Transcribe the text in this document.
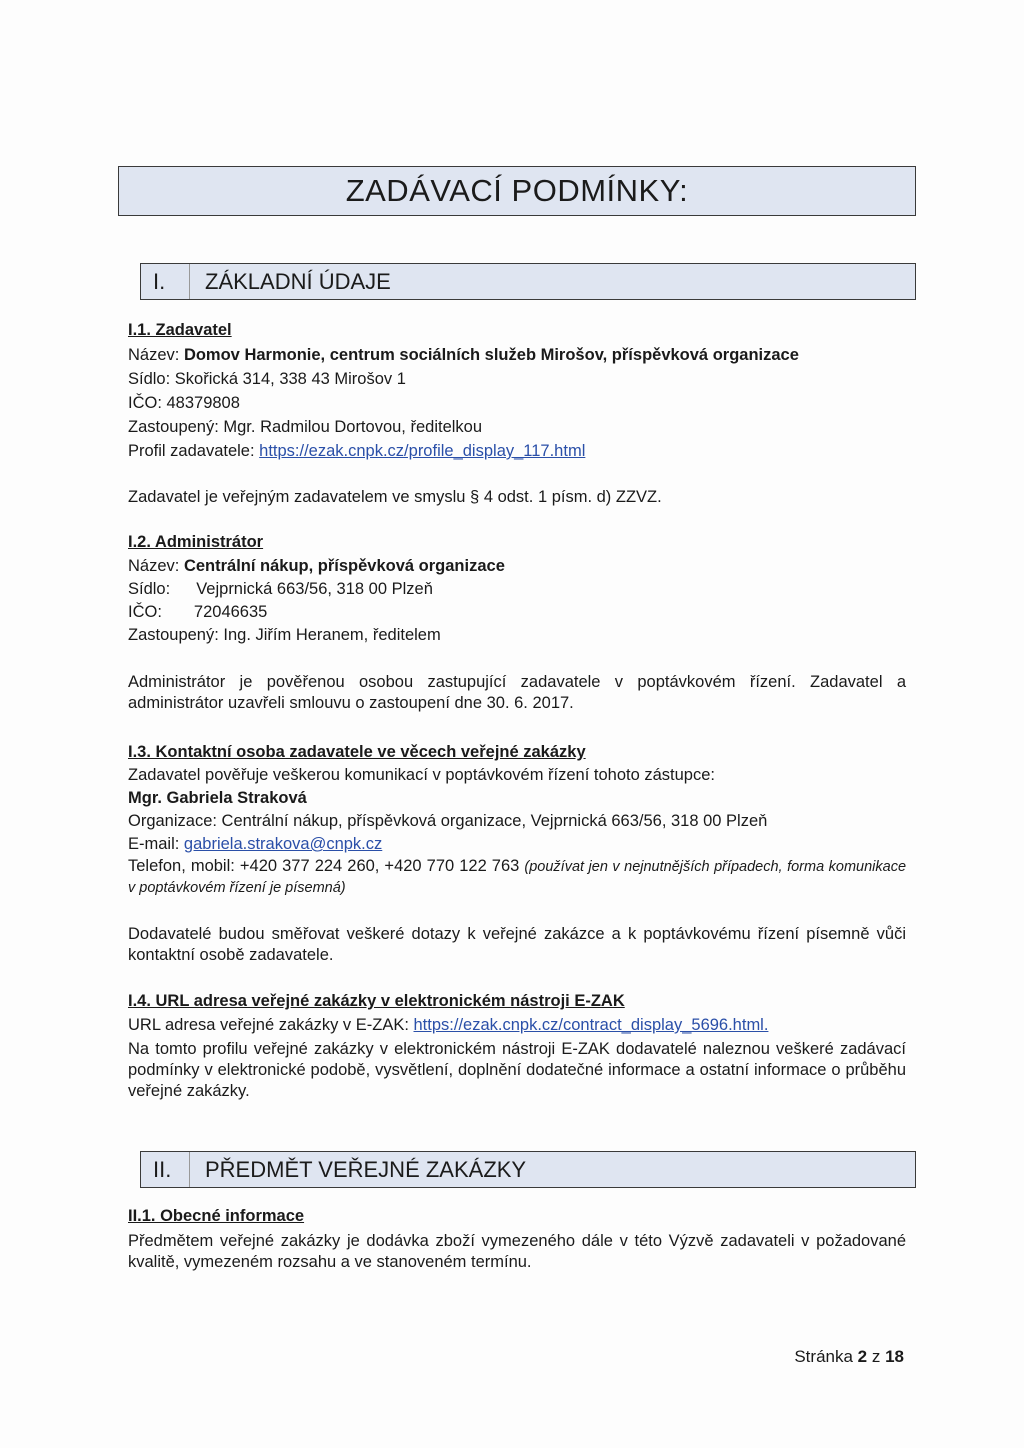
ZADÁVACÍ PODMÍNKY:
I.	ZÁKLADNÍ ÚDAJE
I.1. Zadavatel
Název: Domov Harmonie, centrum sociálních služeb Mirošov, příspěvková organizace
Sídlo: Skořická 314, 338 43 Mirošov 1
IČO: 48379808
Zastoupený: Mgr. Radmilou Dortovou, ředitelkou
Profil zadavatele: https://ezak.cnpk.cz/profile_display_117.html
Zadavatel je veřejným zadavatelem ve smyslu § 4 odst. 1 písm. d) ZZVZ.
I.2. Administrátor
Název: Centrální nákup, příspěvková organizace
Sídlo: Vejprnická 663/56, 318 00 Plzeň
IČO: 72046635
Zastoupený: Ing. Jiřím Heranem, ředitelem
Administrátor je pověřenou osobou zastupující zadavatele v poptávkovém řízení. Zadavatel a administrátor uzavřeli smlouvu o zastoupení dne 30. 6. 2017.
I.3. Kontaktní osoba zadavatele ve věcech veřejné zakázky
Zadavatel pověřuje veškerou komunikací v poptávkovém řízení tohoto zástupce:
Mgr. Gabriela Straková
Organizace: Centrální nákup, příspěvková organizace, Vejprnická 663/56, 318 00 Plzeň
E-mail: gabriela.strakova@cnpk.cz
Telefon, mobil: +420 377 224 260, +420 770 122 763 (používat jen v nejnutnějších případech, forma komunikace v poptávkovém řízení je písemná)
Dodavatelé budou směřovat veškeré dotazy k veřejné zakázce a k poptávkovému řízení písemně vůči kontaktní osobě zadavatele.
I.4. URL adresa veřejné zakázky v elektronickém nástroji E-ZAK
URL adresa veřejné zakázky v E-ZAK: https://ezak.cnpk.cz/contract_display_5696.html.
Na tomto profilu veřejné zakázky v elektronickém nástroji E-ZAK dodavatelé naleznou veškeré zadávací podmínky v elektronické podobě, vysvětlení, doplnění dodatečné informace a ostatní informace o průběhu veřejné zakázky.
II.	PŘEDMĚT VEŘEJNÉ ZAKÁZKY
II.1. Obecné informace
Předmětem veřejné zakázky je dodávka zboží vymezeného dále v této Výzvě zadavateli v požadované kvalitě, vymezeném rozsahu a ve stanoveném termínu.
Stránka 2 z 18
